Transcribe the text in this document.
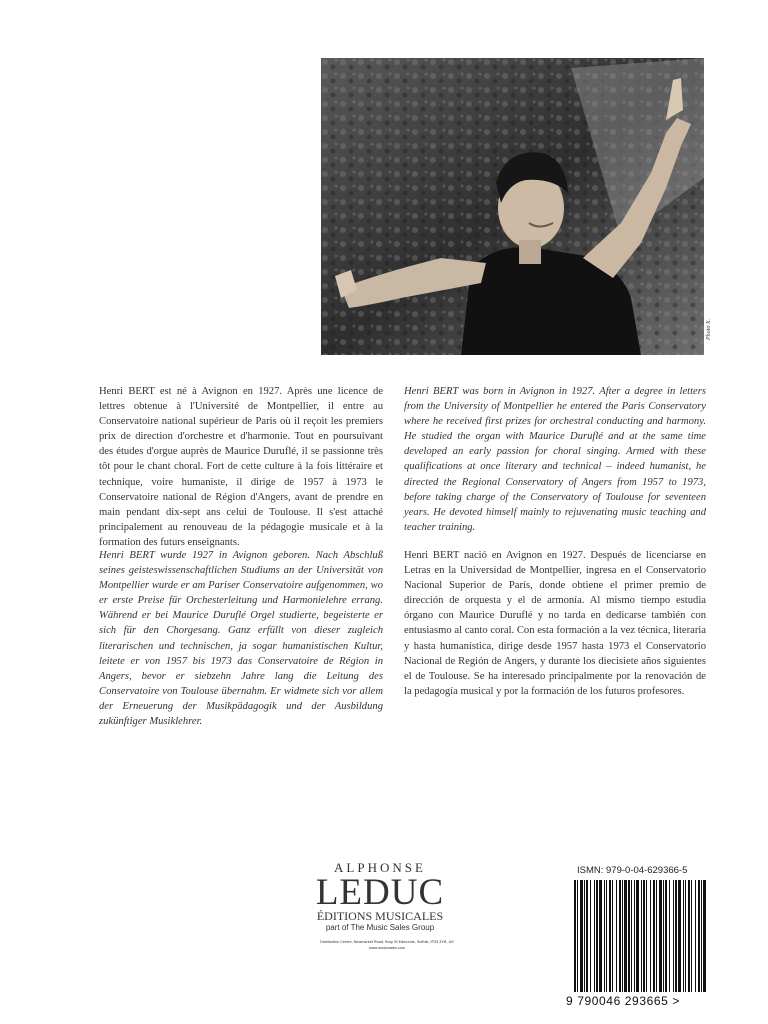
Photo X.
Henri BERT est né à Avignon en 1927. Après une licence de lettres obtenue à l'Université de Montpellier, il entre au Conservatoire national supérieur de Paris où il reçoit les premiers prix de direction d'orchestre et d'harmonie. Tout en poursuivant des études d'orgue auprès de Maurice Duruflé, il se passionne très tôt pour le chant choral. Fort de cette culture à la fois littéraire et technique, voire humaniste, il dirige de 1957 à 1973 le Conservatoire national de Région d'Angers, avant de prendre en main pendant dix-sept ans celui de Toulouse. Il s'est attaché principalement au renouveau de la pédagogie musicale et à la formation des futurs enseignants.
Henri BERT was born in Avignon in 1927. After a degree in letters from the University of Montpellier he entered the Paris Conservatory where he received first prizes for orchestral conducting and harmony. He studied the organ with Maurice Duruflé and at the same time developed an early passion for choral singing. Armed with these qualifications at once literary and technical – indeed humanist, he directed the Regional Conservatory of Angers from 1957 to 1973, before taking charge of the Conservatory of Toulouse for seventeen years. He devoted himself mainly to rejuvenating music teaching and teacher training.
Henri BERT wurde 1927 in Avignon geboren. Nach Abschluß seines geisteswissenschaftlichen Studiums an der Universität von Montpellier wurde er am Pariser Conservatoire aufgenommen, wo er erste Preise für Orchesterleitung und Harmonielehre errang. Während er bei Maurice Duruflé Orgel studierte, begeisterte er sich für den Chorgesang. Ganz erfüllt von dieser zugleich literarischen und technischen, ja sogar humanistischen Kultur, leitete er von 1957 bis 1973 das Conservatoire de Région in Angers, bevor er siebzehn Jahre lang die Leitung des Conservatoire von Toulouse übernahm. Er widmete sich vor allem der Erneuerung der Musikpädagogik und der Ausbildung zukünftiger Musiklehrer.
Henri BERT nació en Avignon en 1927. Después de licenciarse en Letras en la Universidad de Montpellier, ingresa en el Conservatorio Nacional Superior de París, donde obtiene el primer premio de dirección de orquesta y el de armonía. Al mismo tiempo estudia órgano con Maurice Duruflé y no tarda en dedicarse también con entusiasmo al canto coral. Con esta formación a la vez técnica, literaria y hasta humanística, dirige desde 1957 hasta 1973 el Conservatorio Nacional de Región de Angers, y durante los diecisiete años siguientes el de Toulouse. Se ha interesado principalmente por la renovación de la pedagogía musical y por la formación de los futuros profesores.
ALPHONSE
LEDUC
ÉDITIONS MUSICALES
part of The Music Sales Group
Distribution Centre, Newmarket Road, Bury St Edmunds, Suffolk, IP33 3YB, UK
www.musicsales.com
ISMN: 979-0-04-629366-5
9 790046 293665 >
